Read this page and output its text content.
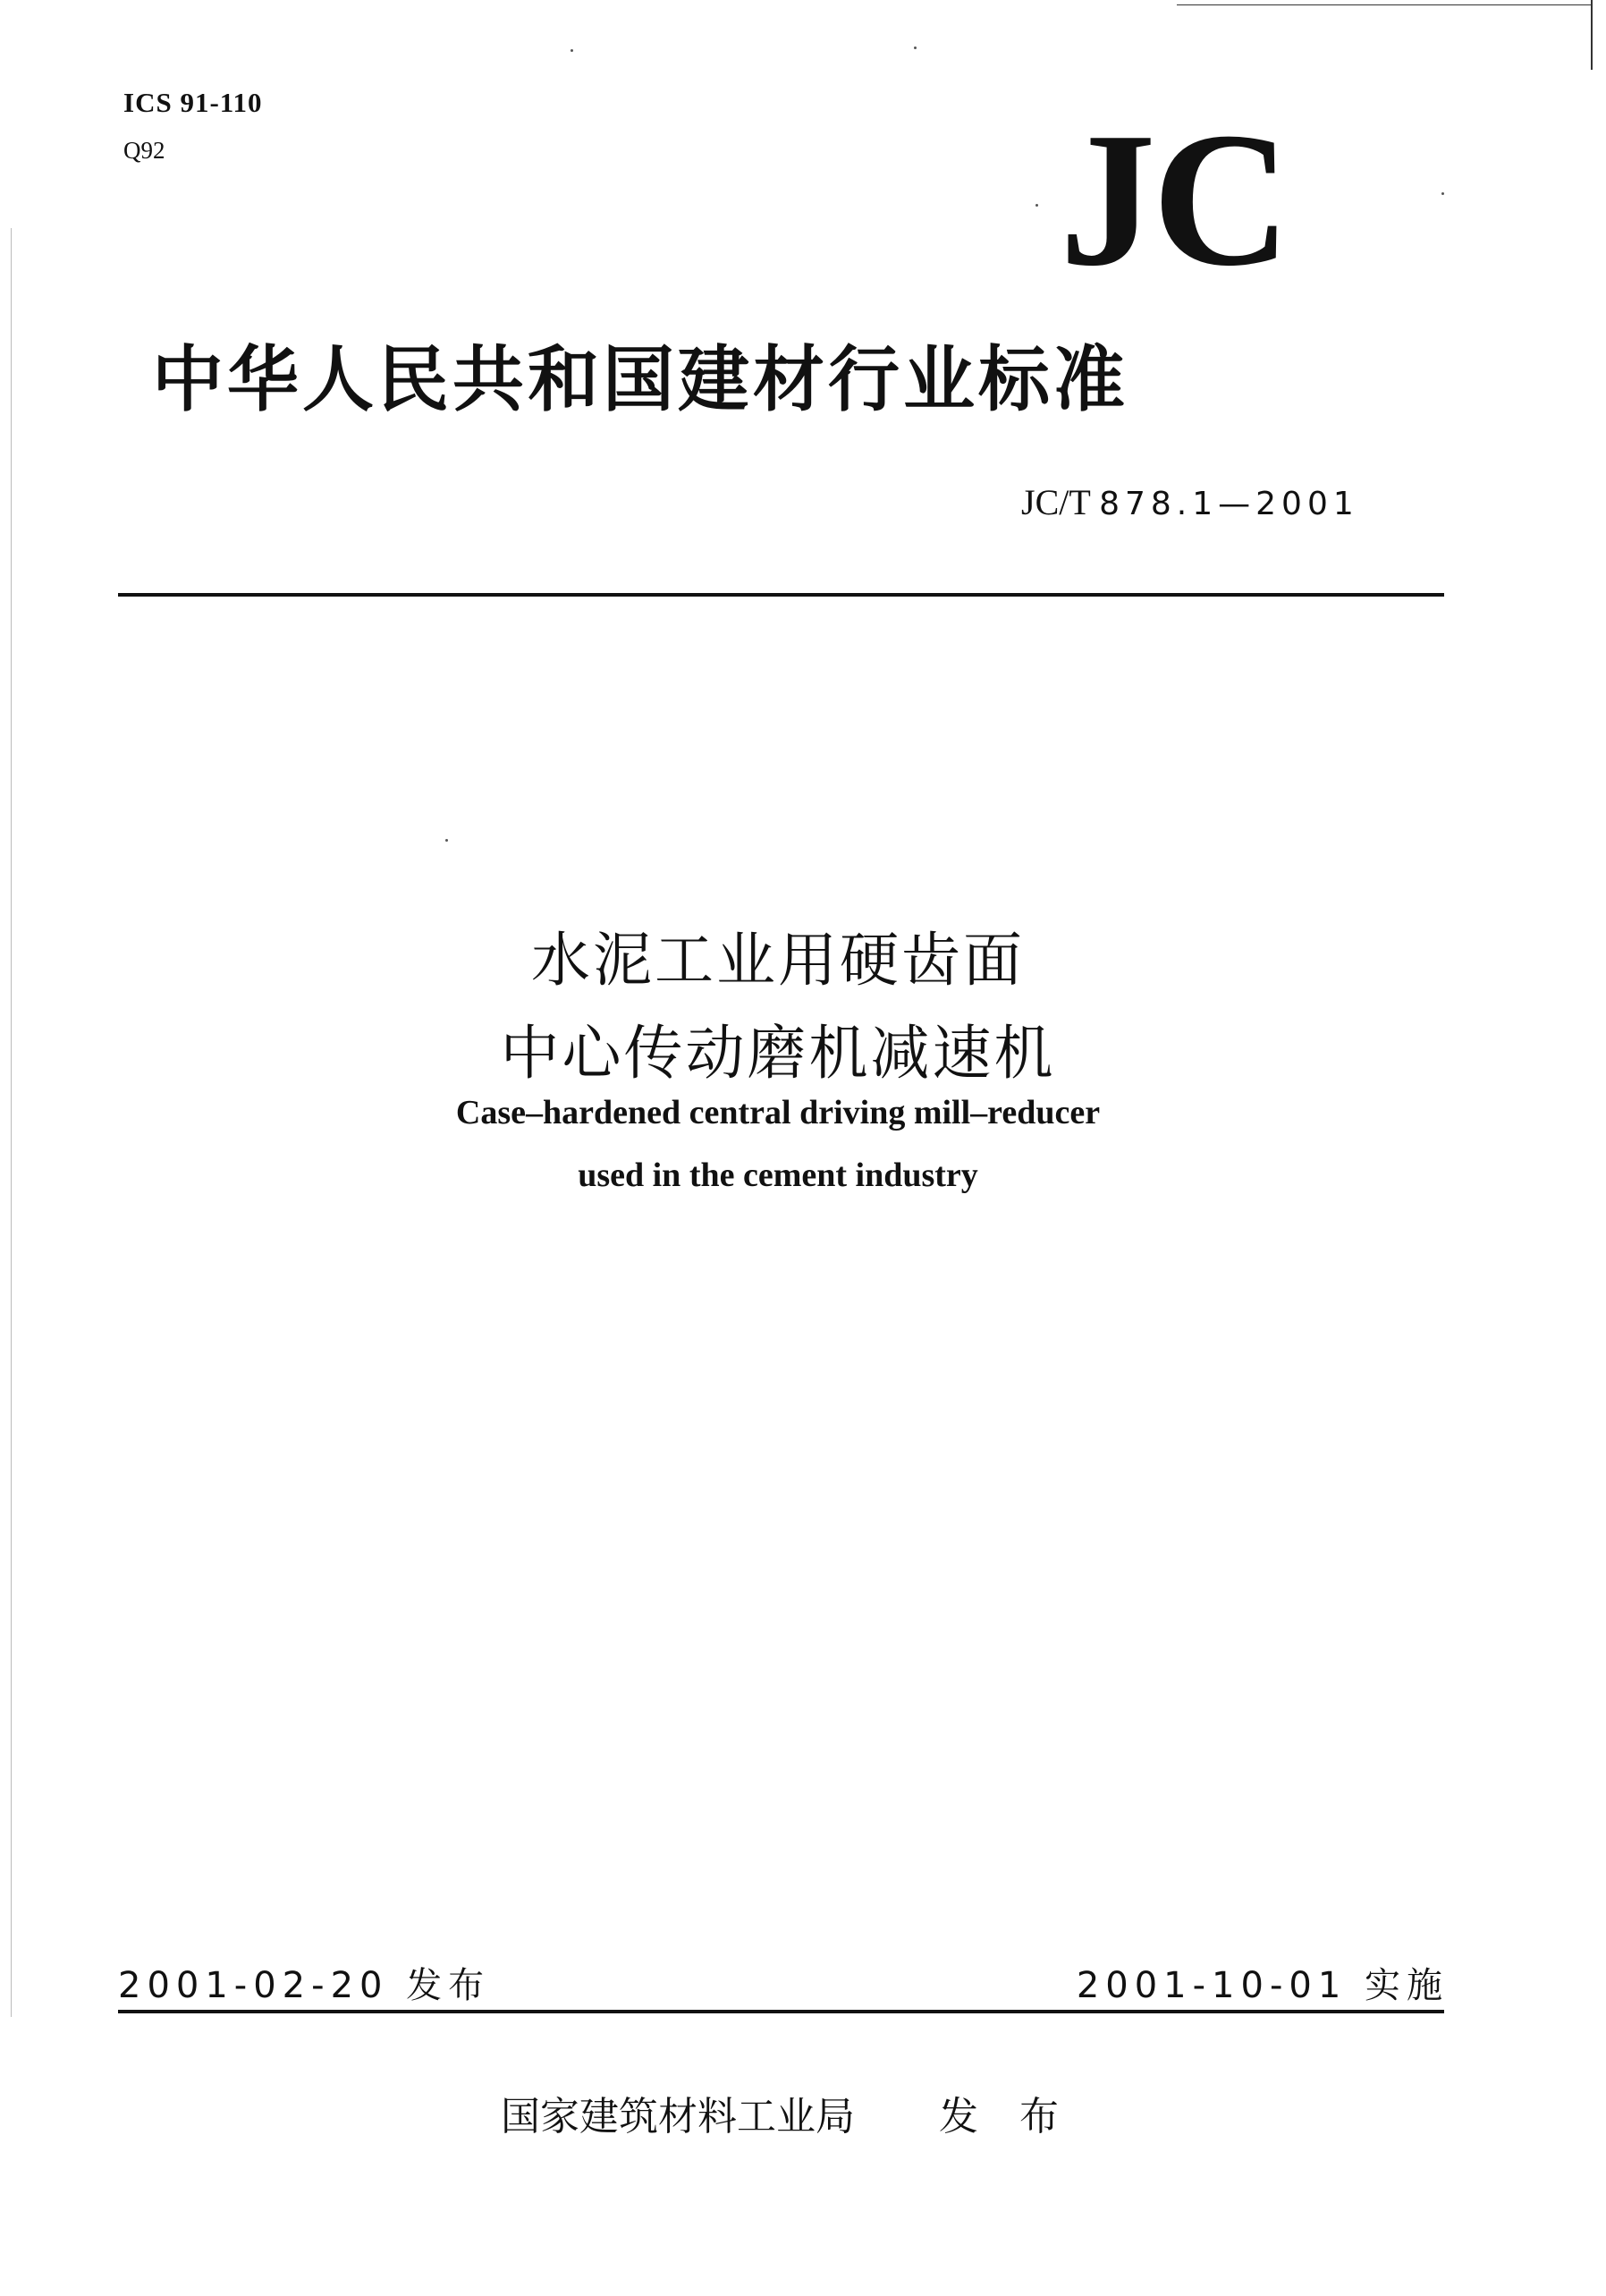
ICS 91-110
Q92	JC
中华人民共和国建材行业标准
JC/T 878.1—2001
水泥工业用硬齿面
中心传动磨机减速机
Case–hardened central driving mill–reducer
used in the cement industry
2001-02-20 发布	2001-10-01 实施
国家建筑材料工业局 发 布
